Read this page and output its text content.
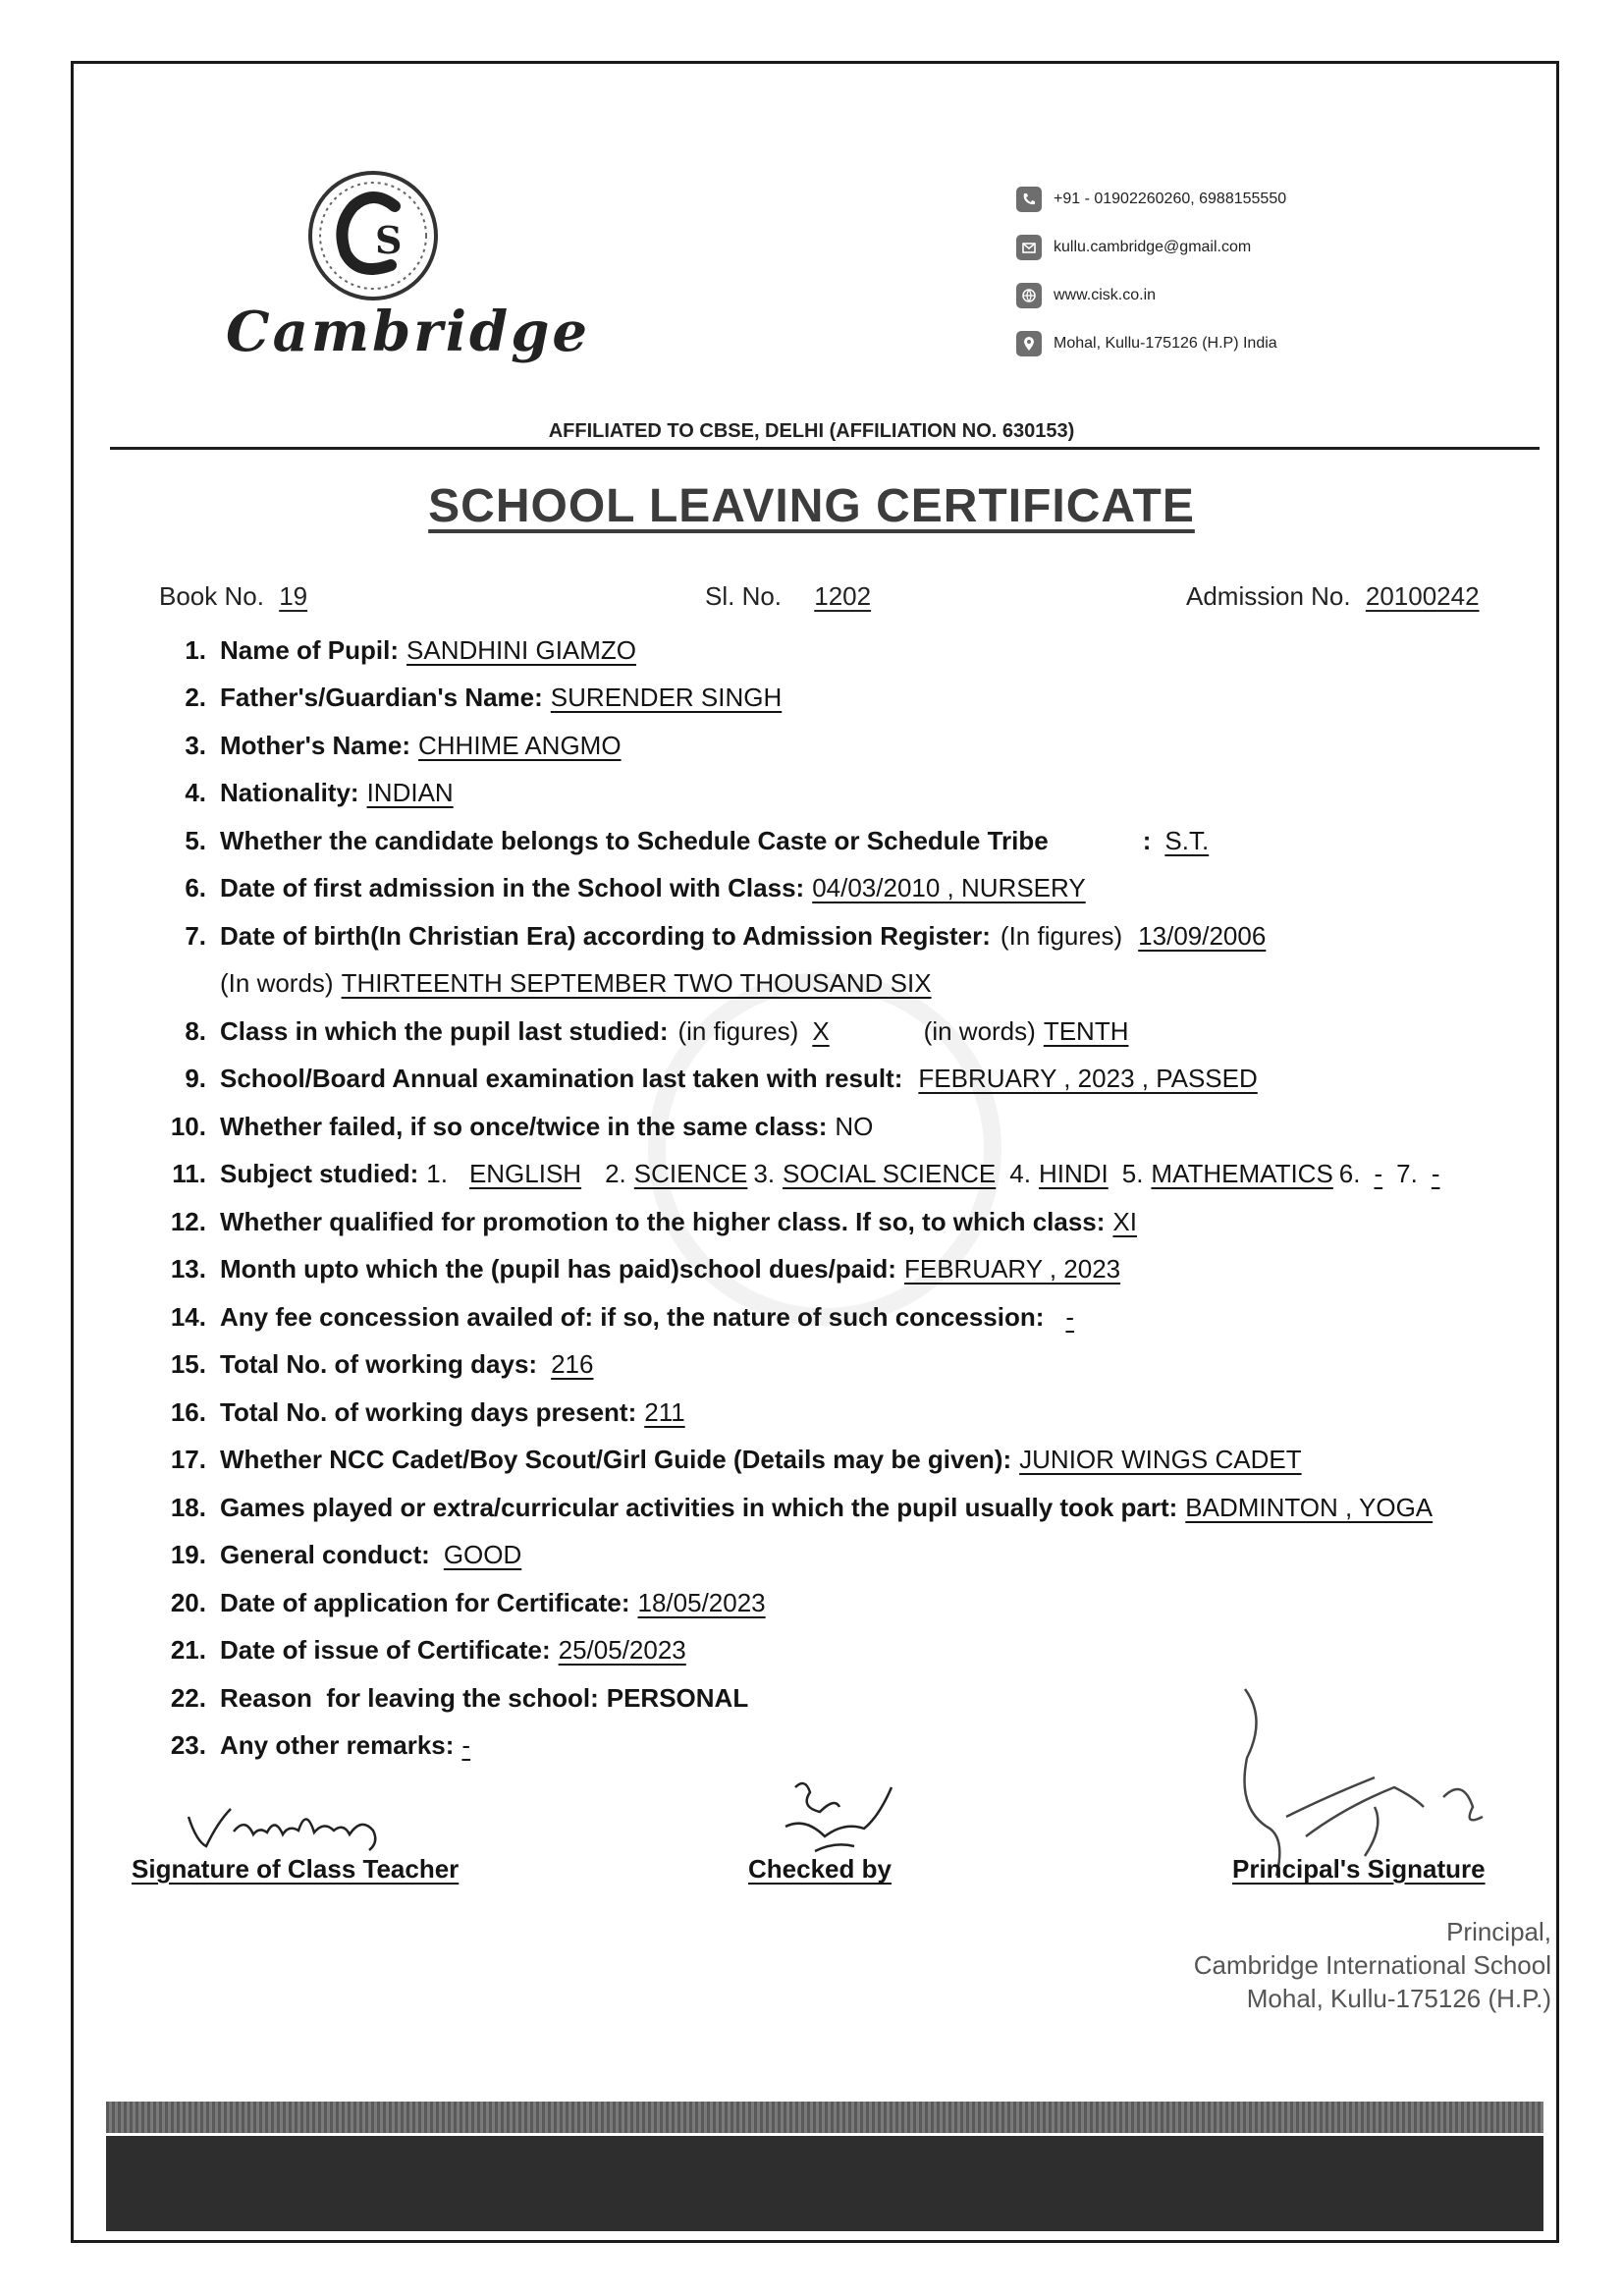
S
Cambridge
+91 - 01902260260, 6988155550
kullu.cambridge@gmail.com
www.cisk.co.in
Mohal, Kullu-175126 (H.P) India
AFFILIATED TO CBSE, DELHI (AFFILIATION NO. 630153)
SCHOOL LEAVING CERTIFICATE
Book No. 19	Sl. No. 1202	Admission No. 20100242
1. Name of Pupil: SANDHINI GIAMZO
2. Father's/Guardian's Name: SURENDER SINGH
3. Mother's Name: CHHIME ANGMO
4. Nationality: INDIAN
5. Whether the candidate belongs to Schedule Caste or Schedule Tribe	: S.T.
6. Date of first admission in the School with Class: 04/03/2010 , NURSERY
7. Date of birth(In Christian Era) according to Admission Register: (In figures) 13/09/2006
(In words) THIRTEENTH SEPTEMBER TWO THOUSAND SIX
8. Class in which the pupil last studied: (in figures) X	(in words) TENTH
9. School/Board Annual examination last taken with result: FEBRUARY , 2023 , PASSED
10. Whether failed, if so once/twice in the same class: NO
11. Subject studied: 1. ENGLISH 2. SCIENCE 3. SOCIAL SCIENCE 4. HINDI 5. MATHEMATICS 6. - 7. -
12. Whether qualified for promotion to the higher class. If so, to which class: XI
13. Month upto which the (pupil has paid)school dues/paid: FEBRUARY , 2023
14. Any fee concession availed of: if so, the nature of such concession: -
15. Total No. of working days: 216
16. Total No. of working days present: 211
17. Whether NCC Cadet/Boy Scout/Girl Guide (Details may be given): JUNIOR WINGS CADET
18. Games played or extra/curricular activities in which the pupil usually took part: BADMINTON , YOGA
19. General conduct: GOOD
20. Date of application for Certificate: 18/05/2023
21. Date of issue of Certificate: 25/05/2023
22. Reason  for leaving the school: PERSONAL
23. Any other remarks: -
Signature of Class Teacher	Checked by	Principal's Signature
Principal,
Cambridge International School
Mohal, Kullu-175126 (H.P.)
